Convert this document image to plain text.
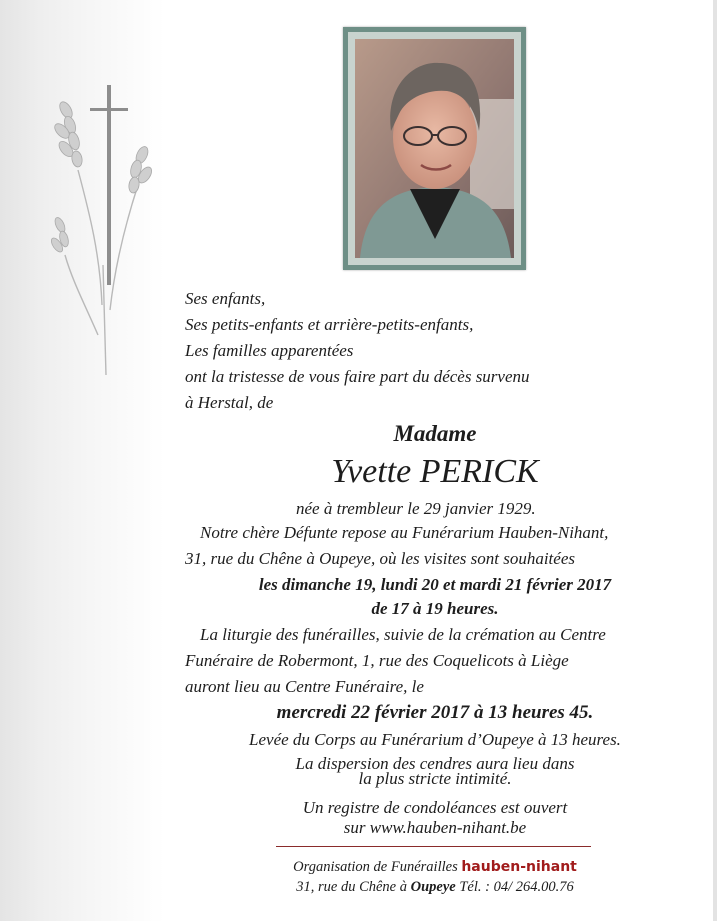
Ses enfants,
Ses petits-enfants et arrière-petits-enfants,
Les familles apparentées
ont la tristesse de vous faire part du décès survenu
à Herstal, de
Madame
Yvette PERICK
née à trembleur le 29 janvier 1929.
Notre chère Défunte repose au Funérarium Hauben-Nihant,
31, rue du Chêne à Oupeye, où les visites sont souhaitées
les dimanche 19, lundi 20 et mardi 21 février 2017
de 17 à 19 heures.
La liturgie des funérailles, suivie de la crémation au Centre
Funéraire de Robermont, 1, rue des Coquelicots à Liège
auront lieu au Centre Funéraire, le
mercredi 22 février 2017 à 13 heures 45.
Levée du Corps au Funérarium d’Oupeye à 13 heures.
La dispersion des cendres aura lieu dans
la plus stricte intimité.
Un registre de condoléances est ouvert
sur www.hauben-nihant.be
Organisation de Funérailles hauben-nihant
31, rue du Chêne à Oupeye Tél. : 04/ 264.00.76
